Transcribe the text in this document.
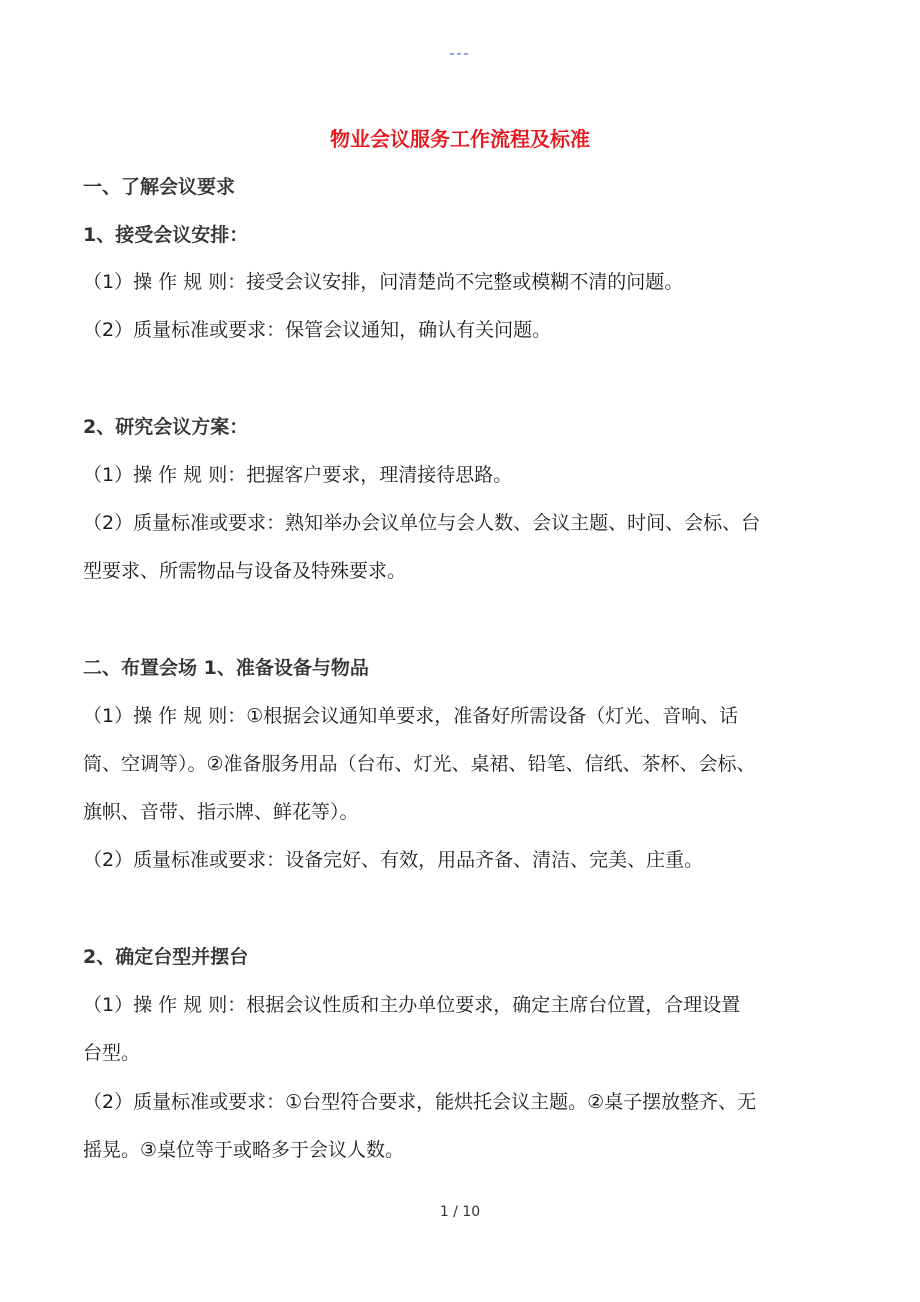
---
物业会议服务工作流程及标准
一、了解会议要求
1、接受会议安排：
（1）操 作 规 则：接受会议安排，问清楚尚不完整或模糊不清的问题。
（2）质量标准或要求：保管会议通知，确认有关问题。
2、研究会议方案：
（1）操 作 规 则：把握客户要求，理清接待思路。
（2）质量标准或要求：熟知举办会议单位与会人数、会议主题、时间、会标、台
型要求、所需物品与设备及特殊要求。
二、布置会场 1、准备设备与物品
（1）操 作 规 则：①根据会议通知单要求，准备好所需设备（灯光、音响、话
筒、空调等）。②准备服务用品（台布、灯光、桌裙、铅笔、信纸、茶杯、会标、
旗帜、音带、指示牌、鲜花等）。
（2）质量标准或要求：设备完好、有效，用品齐备、清洁、完美、庄重。
2、确定台型并摆台
（1）操 作 规 则：根据会议性质和主办单位要求，确定主席台位置，合理设置
台型。
（2）质量标准或要求：①台型符合要求，能烘托会议主题。②桌子摆放整齐、无
摇晃。③桌位等于或略多于会议人数。
1 / 10
